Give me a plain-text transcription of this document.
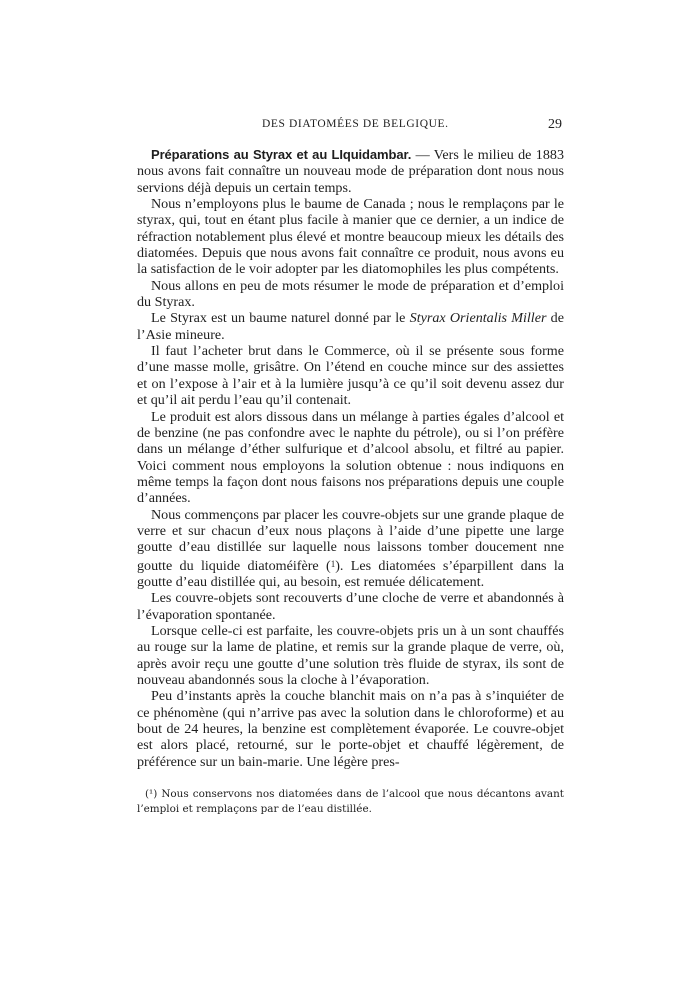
DES DIATOMÉES DE BELGIQUE.	29

Préparations au Styrax et au LIquidambar. — Vers le milieu de 1883 nous avons fait connaître un nouveau mode de préparation dont nous nous servions déjà depuis un certain temps.

Nous n’employons plus le baume de Canada ; nous le remplaçons par le styrax, qui, tout en étant plus facile à manier que ce dernier, a un indice de réfraction notablement plus élevé et montre beaucoup mieux les détails des diatomées. Depuis que nous avons fait connaître ce produit, nous avons eu la satisfaction de le voir adopter par les diatomophiles les plus compétents.

Nous allons en peu de mots résumer le mode de préparation et d’emploi du Styrax.

Le Styrax est un baume naturel donné par le Styrax Orientalis Miller de l’Asie mineure.

Il faut l’acheter brut dans le Commerce, où il se présente sous forme d’une masse molle, grisâtre. On l’étend en couche mince sur des assiettes et on l’expose à l’air et à la lumière jusqu’à ce qu’il soit devenu assez dur et qu’il ait perdu l’eau qu’il contenait.

Le produit est alors dissous dans un mélange à parties égales d’alcool et de benzine (ne pas confondre avec le naphte du pétrole), ou si l’on préfère dans un mélange d’éther sulfurique et d’alcool absolu, et filtré au papier. Voici comment nous employons la solution obtenue : nous indiquons en même temps la façon dont nous faisons nos préparations depuis une couple d’années.

Nous commençons par placer les couvre-objets sur une grande plaque de verre et sur chacun d’eux nous plaçons à l’aide d’une pipette une large goutte d’eau distillée sur laquelle nous laissons tomber doucement nne goutte du liquide diatoméifère ($^1$). Les diatomées s’éparpillent dans la goutte d’eau distillée qui, au besoin, est remuée délicatement.

Les couvre-objets sont recouverts d’une cloche de verre et abandonnés à l’évaporation spontanée.

Lorsque celle-ci est parfaite, les couvre-objets pris un à un sont chauffés au rouge sur la lame de platine, et remis sur la grande plaque de verre, où, après avoir reçu une goutte d’une solution très fluide de styrax, ils sont de nouveau abandonnés sous la cloche à l’évaporation.

Peu d’instants après la couche blanchit mais on n’a pas à s’inquiéter de ce phénomène (qui n’arrive pas avec la solution dans le chloroforme) et au bout de 24 heures, la benzine est complètement évaporée. Le couvre-objet est alors placé, retourné, sur le porte-objet et chauffé légèrement, de préférence sur un bain-marie. Une légère pres-

(¹) Nous conservons nos diatomées dans de l’alcool que nous décantons avant l’emploi et remplaçons par de l’eau distillée.
